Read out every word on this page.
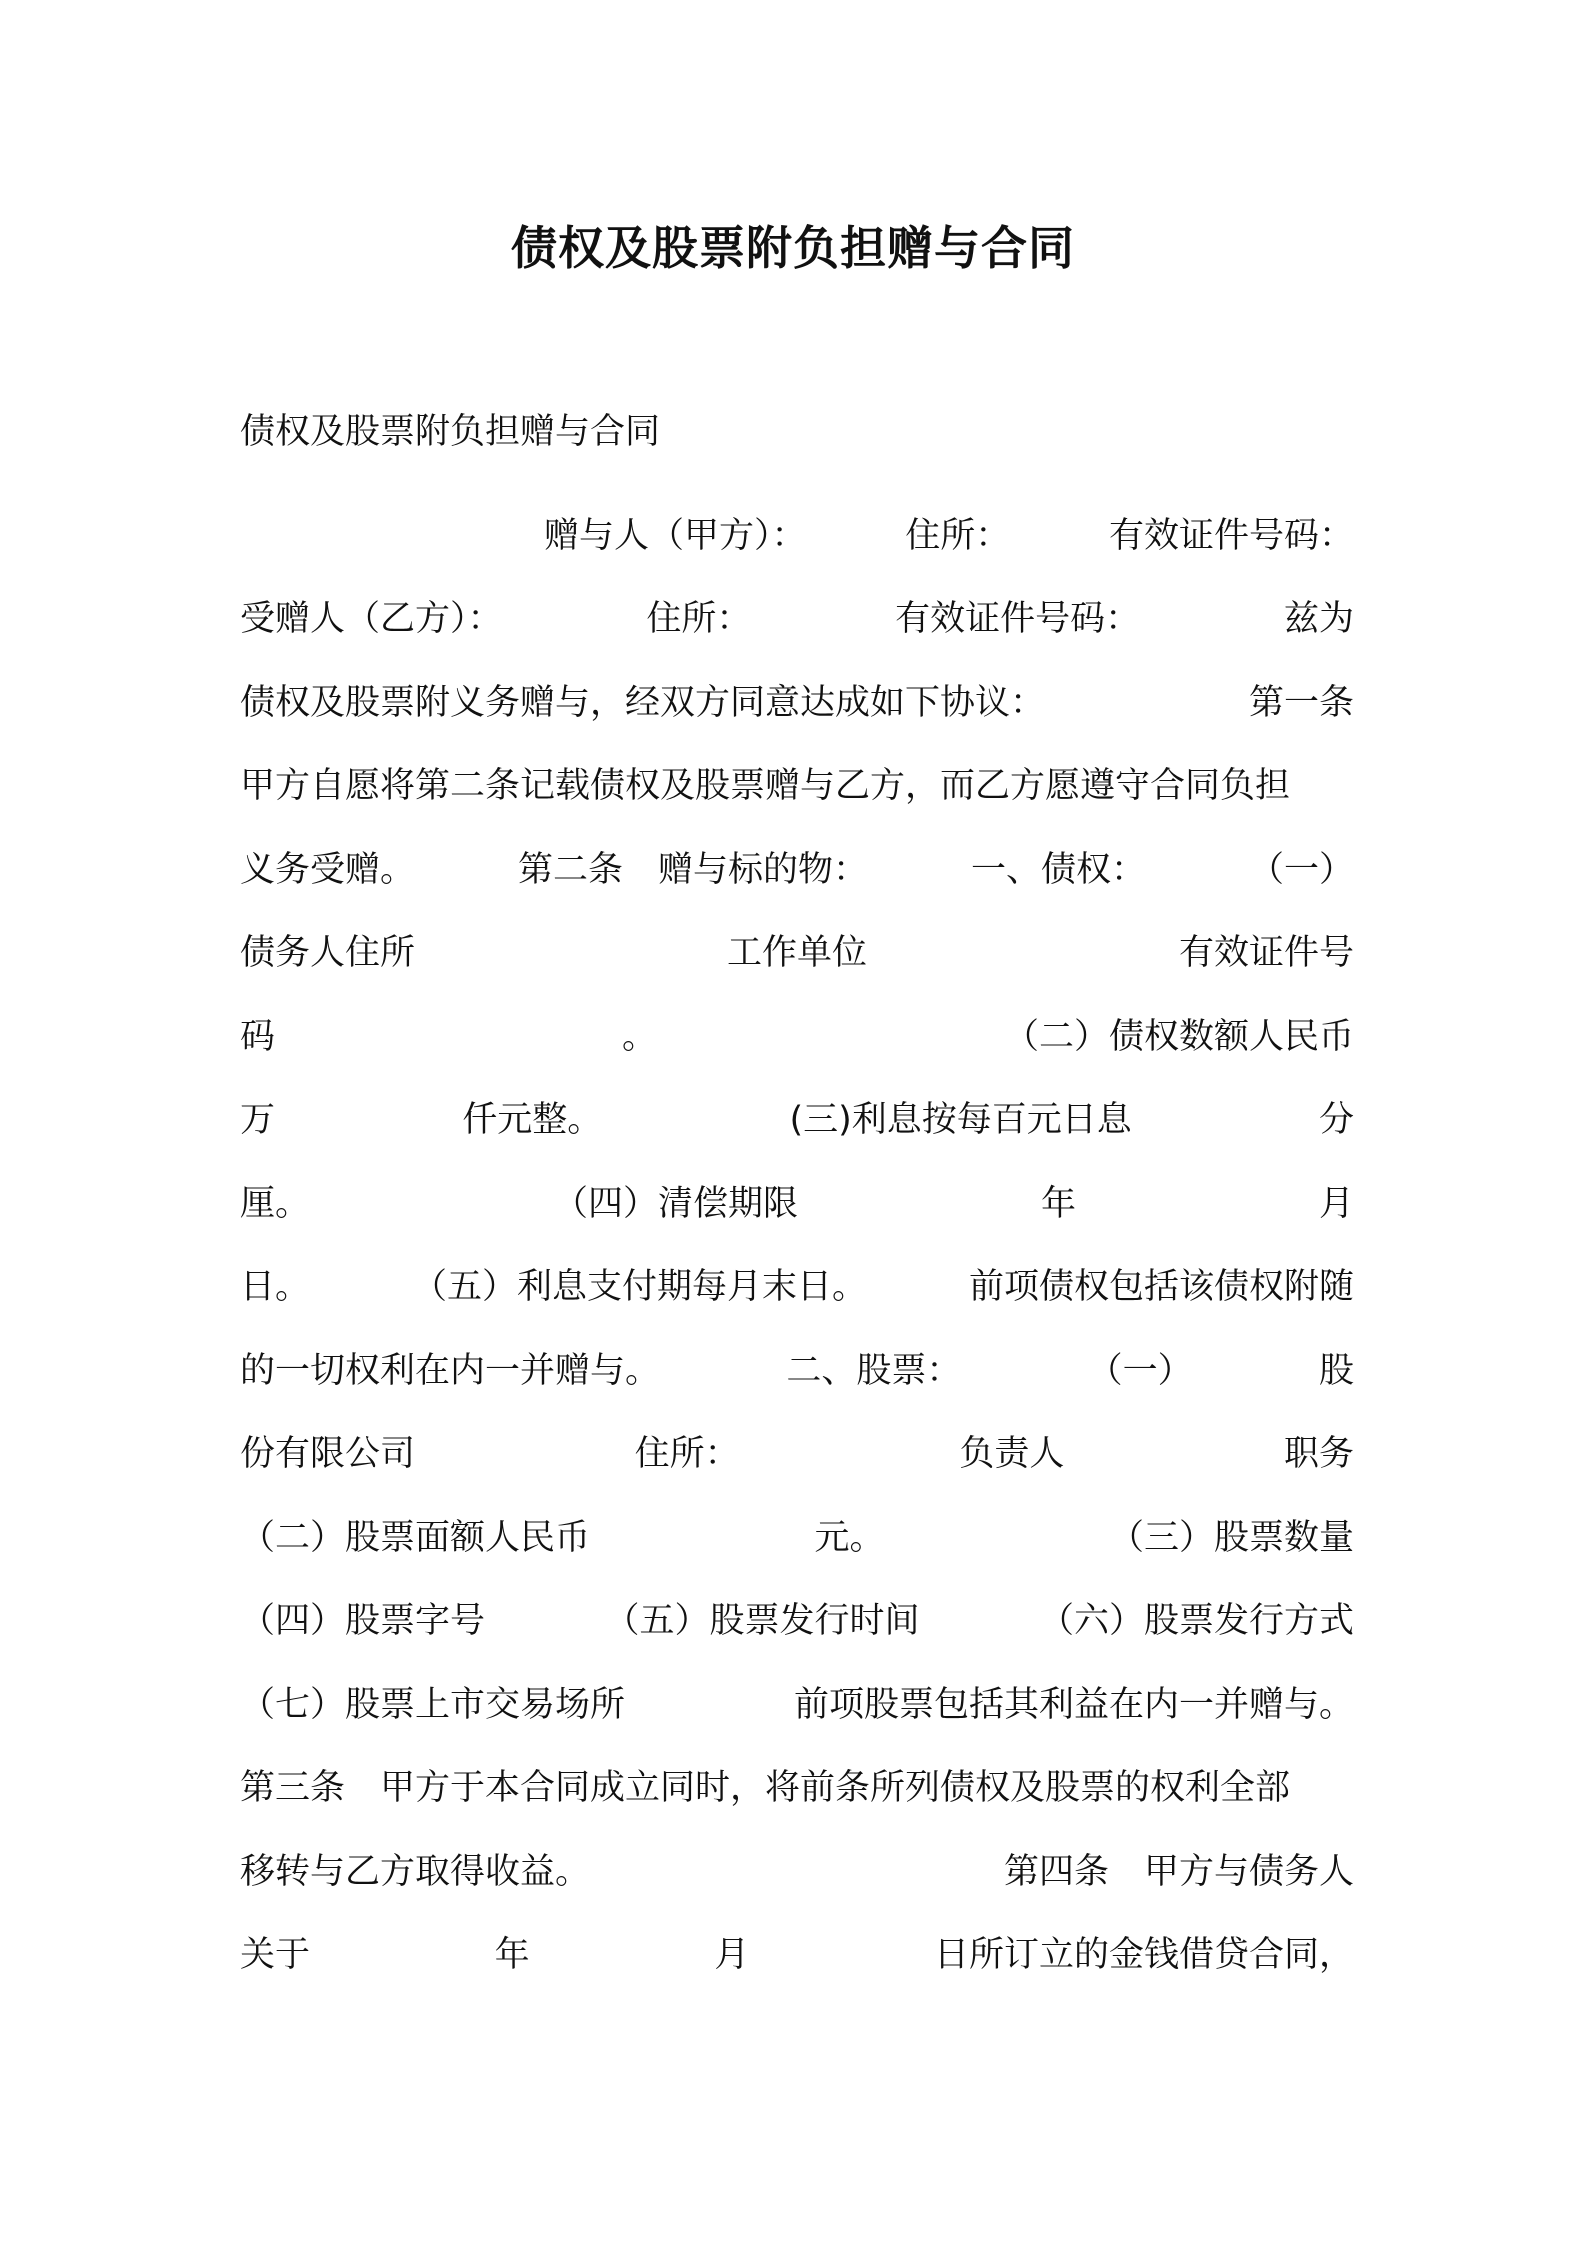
债权及股票附负担赠与合同
债权及股票附负担赠与合同
赠与人（甲方）：	住所：	有效证件号码：
受赠人（乙方）：	住所：	有效证件号码：	兹为
债权及股票附义务赠与，经双方同意达成如下协议：	第一条
甲方自愿将第二条记载债权及股票赠与乙方，而乙方愿遵守合同负担
义务受赠。	第二条　赠与标的物：	一、债权：	（一）
债务人住所	工作单位	有效证件号
码	。	（二）债权数额人民币
万	仟元整。	(三)利息按每百元日息	分
厘。	（四）清偿期限	年	月
日。	（五）利息支付期每月末日。	前项债权包括该债权附随
的一切权利在内一并赠与。	二、股票：	（一）	股
份有限公司	住所：	负责人	职务
（二）股票面额人民币	元。	（三）股票数量
（四）股票字号	（五）股票发行时间	（六）股票发行方式
（七）股票上市交易场所	前项股票包括其利益在内一并赠与。
第三条　甲方于本合同成立同时，将前条所列债权及股票的权利全部
移转与乙方取得收益。	第四条　甲方与债务人
关于	年	月	日所订立的金钱借贷合同，
